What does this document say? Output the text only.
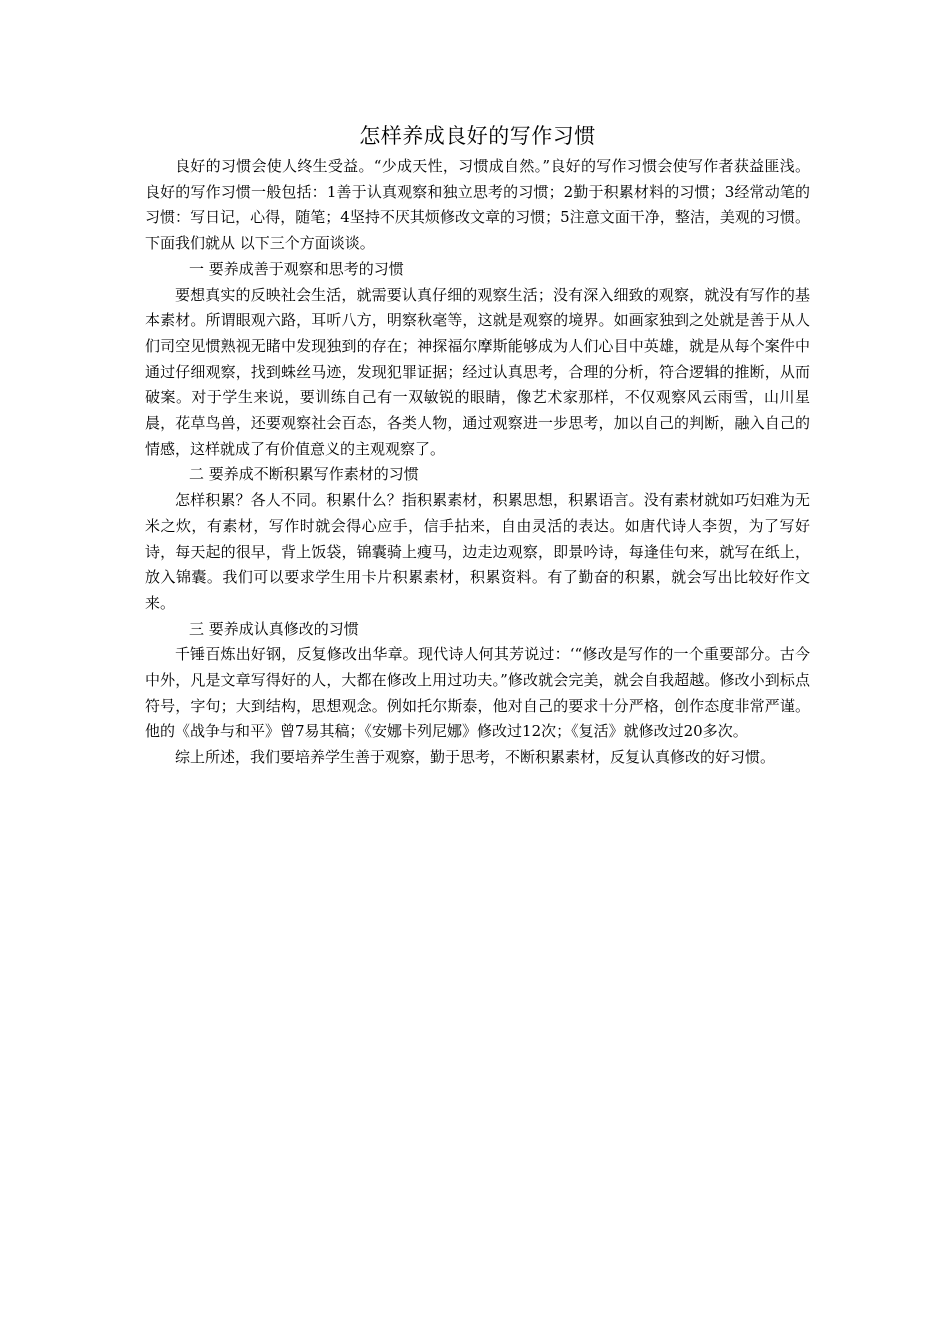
怎样养成良好的写作习惯

良好的习惯会使人终生受益。“少成天性，习惯成自然。”良好的写作习惯会使写作者获益匪浅。良好的写作习惯一般包括：1善于认真观察和独立思考的习惯；2勤于积累材料的习惯；3经常动笔的习惯：写日记，心得，随笔；4坚持不厌其烦修改文章的习惯；5注意文面干净，整洁，美观的习惯。下面我们就从 以下三个方面谈谈。

一 要养成善于观察和思考的习惯

要想真实的反映社会生活，就需要认真仔细的观察生活；没有深入细致的观察，就没有写作的基本素材。所谓眼观六路，耳听八方，明察秋毫等，这就是观察的境界。如画家独到之处就是善于从人们司空见惯熟视无睹中发现独到的存在；神探福尔摩斯能够成为人们心目中英雄，就是从每个案件中通过仔细观察，找到蛛丝马迹，发现犯罪证据；经过认真思考，合理的分析，符合逻辑的推断，从而破案。对于学生来说，要训练自己有一双敏锐的眼睛，像艺术家那样，不仅观察风云雨雪，山川星晨，花草鸟兽，还要观察社会百态，各类人物，通过观察进一步思考，加以自己的判断，融入自己的情感，这样就成了有价值意义的主观观察了。

二 要养成不断积累写作素材的习惯

怎样积累？各人不同。积累什么？指积累素材，积累思想，积累语言。没有素材就如巧妇难为无米之炊，有素材，写作时就会得心应手，信手拈来，自由灵活的表达。如唐代诗人李贺，为了写好诗，每天起的很早，背上饭袋，锦囊骑上瘦马，边走边观察，即景吟诗，每逢佳句来，就写在纸上，放入锦囊。我们可以要求学生用卡片积累素材，积累资料。有了勤奋的积累，就会写出比较好作文来。

三 要养成认真修改的习惯

千锤百炼出好钢，反复修改出华章。现代诗人何其芳说过：‘“修改是写作的一个重要部分。古今中外，凡是文章写得好的人，大都在修改上用过功夫。”修改就会完美，就会自我超越。修改小到标点符号，字句；大到结构，思想观念。例如托尔斯泰，他对自己的要求十分严格，创作态度非常严谨。他的《战争与和平》曾7易其稿；《安娜卡列尼娜》修改过12次；《复活》就修改过20多次。

综上所述，我们要培养学生善于观察，勤于思考，不断积累素材，反复认真修改的好习惯。
